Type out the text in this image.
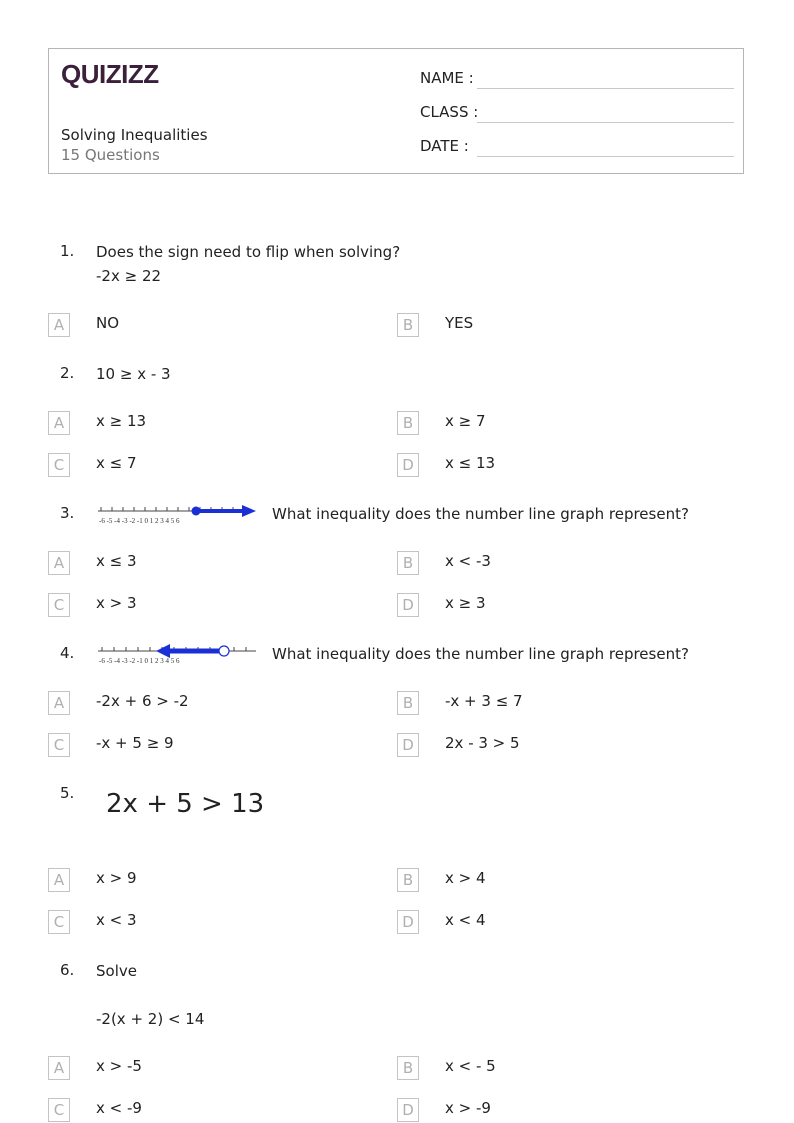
QUIZIZZ
Solving Inequalities
15 Questions
NAME :
CLASS :
DATE :
1. Does the sign need to flip when solving?
-2x ≥ 22
A	NO	B	YES
2. 10 ≥ x - 3
A	x ≥ 13	B	x ≥ 7
C	x ≤ 7	D	x ≤ 13
3.	-6 -5 -4 -3 -2 -1 0 1 2 3 4 5 6	What inequality does the number line graph represent?
A	x ≤ 3	B	x < -3
C	x > 3	D	x ≥ 3
4.	-6 -5 -4 -3 -2 -1 0 1 2 3 4 5 6	What inequality does the number line graph represent?
A	-2x + 6 > -2	B	-x + 3 ≤ 7
C	-x + 5 ≥ 9	D	2x - 3 > 5
5. 2x + 5 > 13
A	x > 9	B	x > 4
C	x < 3	D	x < 4
6. Solve
-2(x + 2) < 14
A	x > -5	B	x < - 5
C	x < -9	D	x > -9
